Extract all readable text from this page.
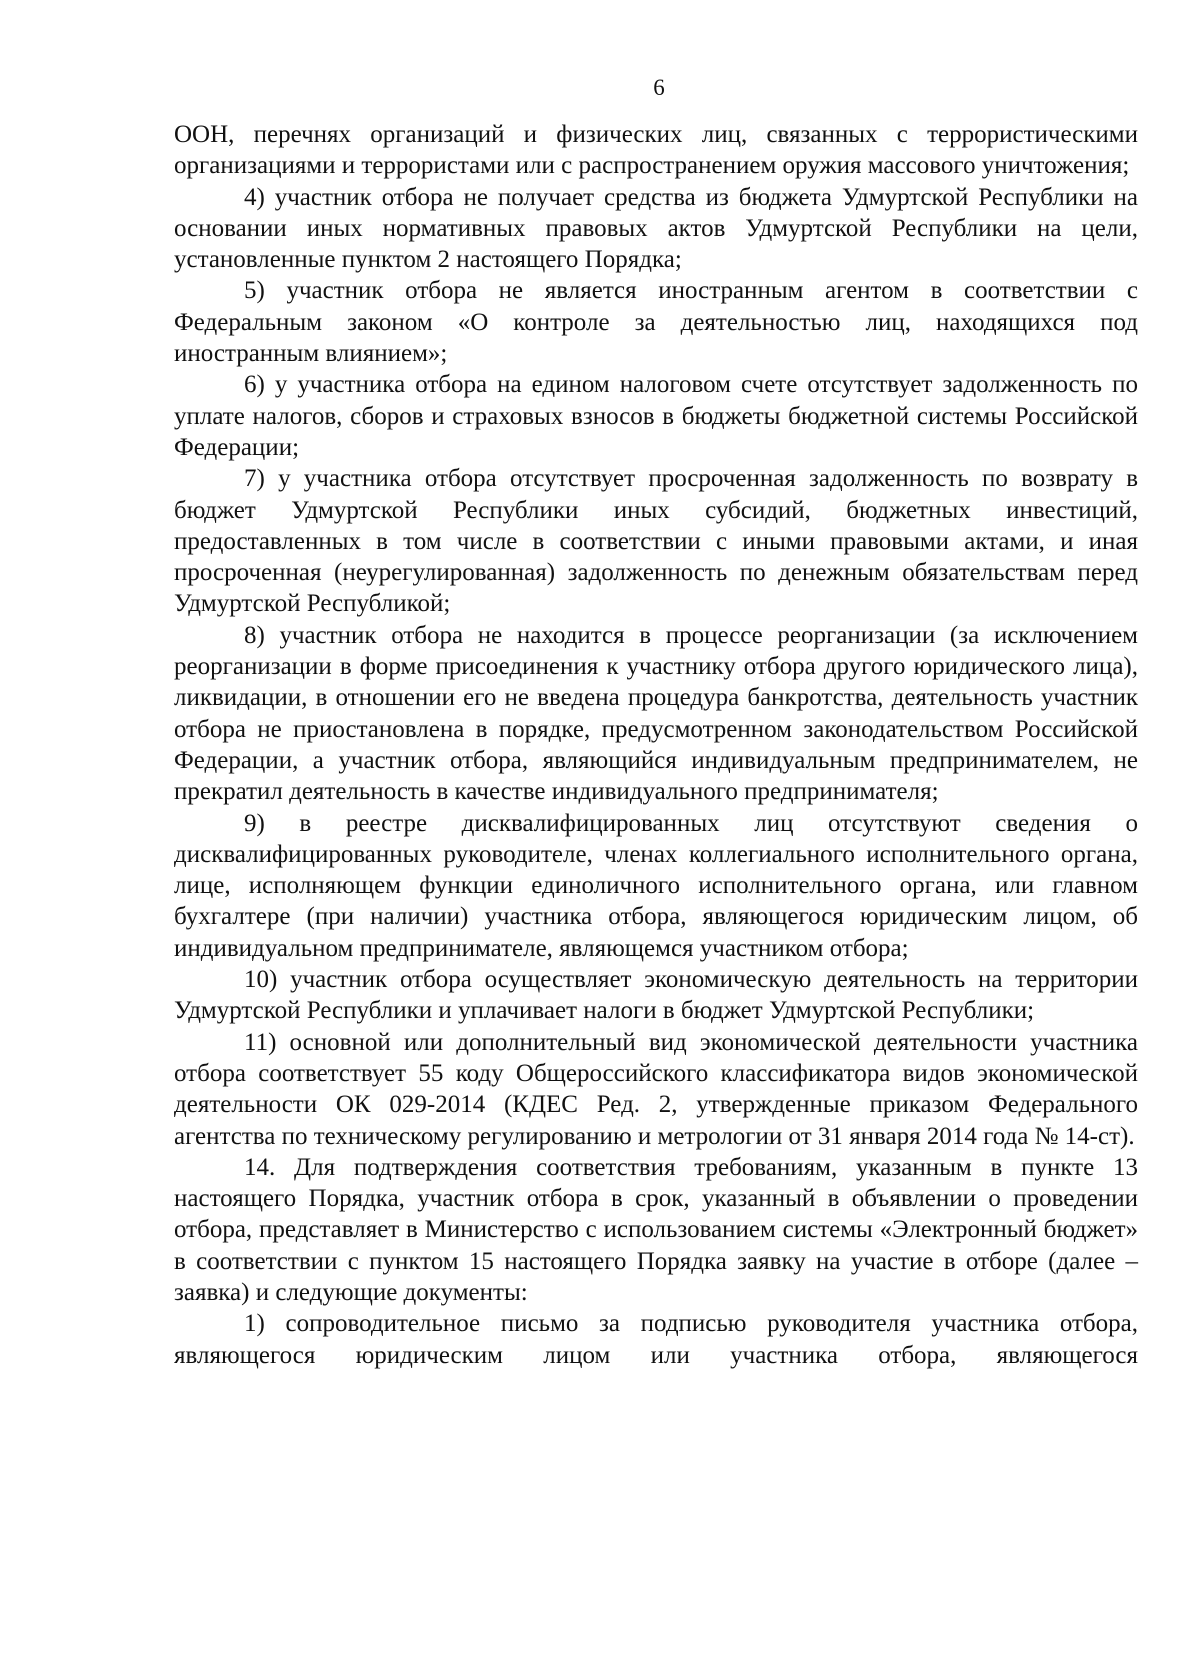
6

ООН, перечнях организаций и физических лиц, связанных с террористическими организациями и террористами или с распространением оружия массового уничтожения;

4) участник отбора не получает средства из бюджета Удмуртской Республики на основании иных нормативных правовых актов Удмуртской Республики на цели, установленные пунктом 2 настоящего Порядка;

5) участник отбора не является иностранным агентом в соответствии с Федеральным законом «О контроле за деятельностью лиц, находящихся под иностранным влиянием»;

6) у участника отбора на едином налоговом счете отсутствует задолженность по уплате налогов, сборов и страховых взносов в бюджеты бюджетной системы Российской Федерации;

7) у участника отбора отсутствует просроченная задолженность по возврату в бюджет Удмуртской Республики иных субсидий, бюджетных инвестиций, предоставленных в том числе в соответствии с иными правовыми актами, и иная просроченная (неурегулированная) задолженность по денежным обязательствам перед Удмуртской Республикой;

8) участник отбора не находится в процессе реорганизации (за исключением реорганизации в форме присоединения к участнику отбора другого юридического лица), ликвидации, в отношении его не введена процедура банкротства, деятельность участник отбора не приостановлена в порядке, предусмотренном законодательством Российской Федерации, а участник отбора, являющийся индивидуальным предпринимателем, не прекратил деятельность в качестве индивидуального предпринимателя;

9) в реестре дисквалифицированных лиц отсутствуют сведения о дисквалифицированных руководителе, членах коллегиального исполнительного органа, лице, исполняющем функции единоличного исполнительного органа, или главном бухгалтере (при наличии) участника отбора, являющегося юридическим лицом, об индивидуальном предпринимателе, являющемся участником отбора;

10) участник отбора осуществляет экономическую деятельность на территории Удмуртской Республики и уплачивает налоги в бюджет Удмуртской Республики;

11) основной или дополнительный вид экономической деятельности участника отбора соответствует 55 коду Общероссийского классификатора видов экономической деятельности ОК 029-2014 (КДЕС Ред. 2, утвержденные приказом Федерального агентства по техническому регулированию и метрологии от 31 января 2014 года № 14-ст).

14. Для подтверждения соответствия требованиям, указанным в пункте 13 настоящего Порядка, участник отбора в срок, указанный в объявлении о проведении отбора, представляет в Министерство с использованием системы «Электронный бюджет» в соответствии с пунктом 15 настоящего Порядка заявку на участие в отборе (далее – заявка) и следующие документы:

1) сопроводительное письмо за подписью руководителя участника отбора, являющегося юридическим лицом или участника отбора, являющегося
